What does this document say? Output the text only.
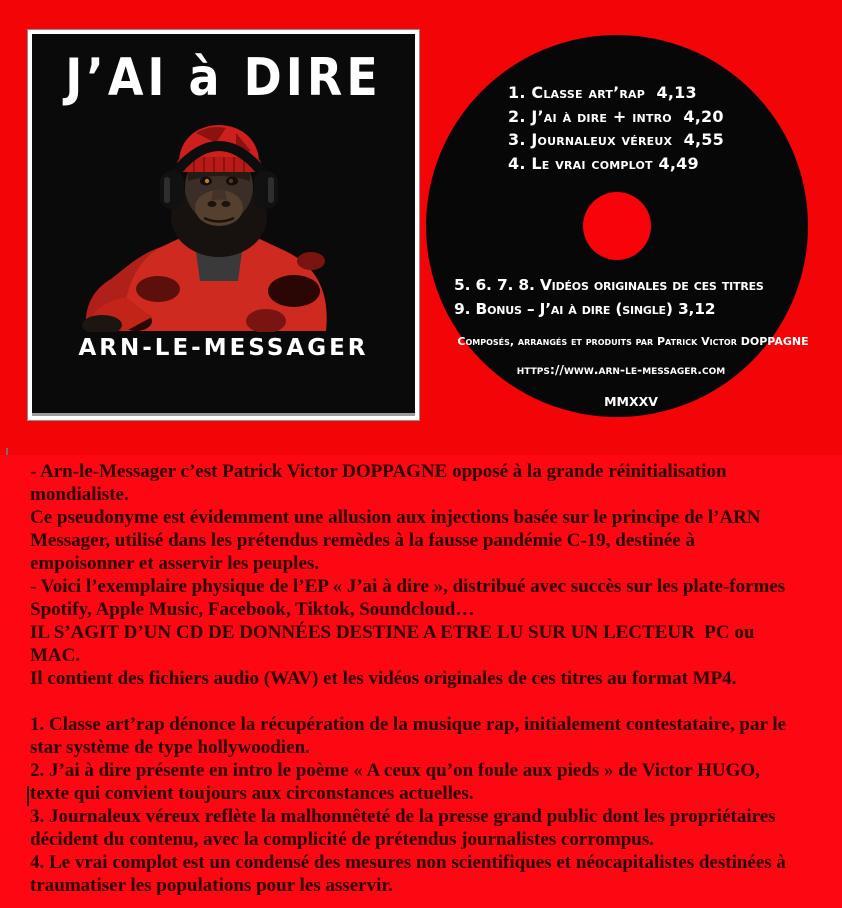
J’AI à DIRE
ARN-LE-MESSAGER
1. Classe art’rap  4,13
2. J’ai à dire + intro  4,20
3. Journaleux véreux  4,55
4. Le vrai complot 4,49
5. 6. 7. 8. Vidéos originales de ces titres
9. Bonus – J’ai à dire (single) 3,12
Composés, arrangés et produits par Patrick Victor DOPPAGNE
https://www.arn-le-messager.com
MMXXV
- Arn-le-Messager c’est Patrick Victor DOPPAGNE opposé à la grande réinitialisation
mondialiste.
Ce pseudonyme est évidemment une allusion aux injections basée sur le principe de l’ARN
Messager, utilisé dans les prétendus remèdes à la fausse pandémie C-19, destinée à
empoisonner et asservir les peuples.
- Voici l’exemplaire physique de l’EP « J’ai à dire », distribué avec succès sur les plate-formes
Spotify, Apple Music, Facebook, Tiktok, Soundcloud…
IL S’AGIT D’UN CD DE DONNÉES DESTINE A ETRE LU SUR UN LECTEUR  PC ou
MAC.
Il contient des fichiers audio (WAV) et les vidéos originales de ces titres au format MP4.

1. Classe art’rap dénonce la récupération de la musique rap, initialement contestataire, par le
star système de type hollywoodien.
2. J’ai à dire présente en intro le poème « A ceux qu’on foule aux pieds » de Victor HUGO,
texte qui convient toujours aux circonstances actuelles.
3. Journaleux véreux reflète la malhonnêteté de la presse grand public dont les propriétaires
décident du contenu, avec la complicité de prétendus journalistes corrompus.
4. Le vrai complot est un condensé des mesures non scientifiques et néocapitalistes destinées à
traumatiser les populations pour les asservir.
